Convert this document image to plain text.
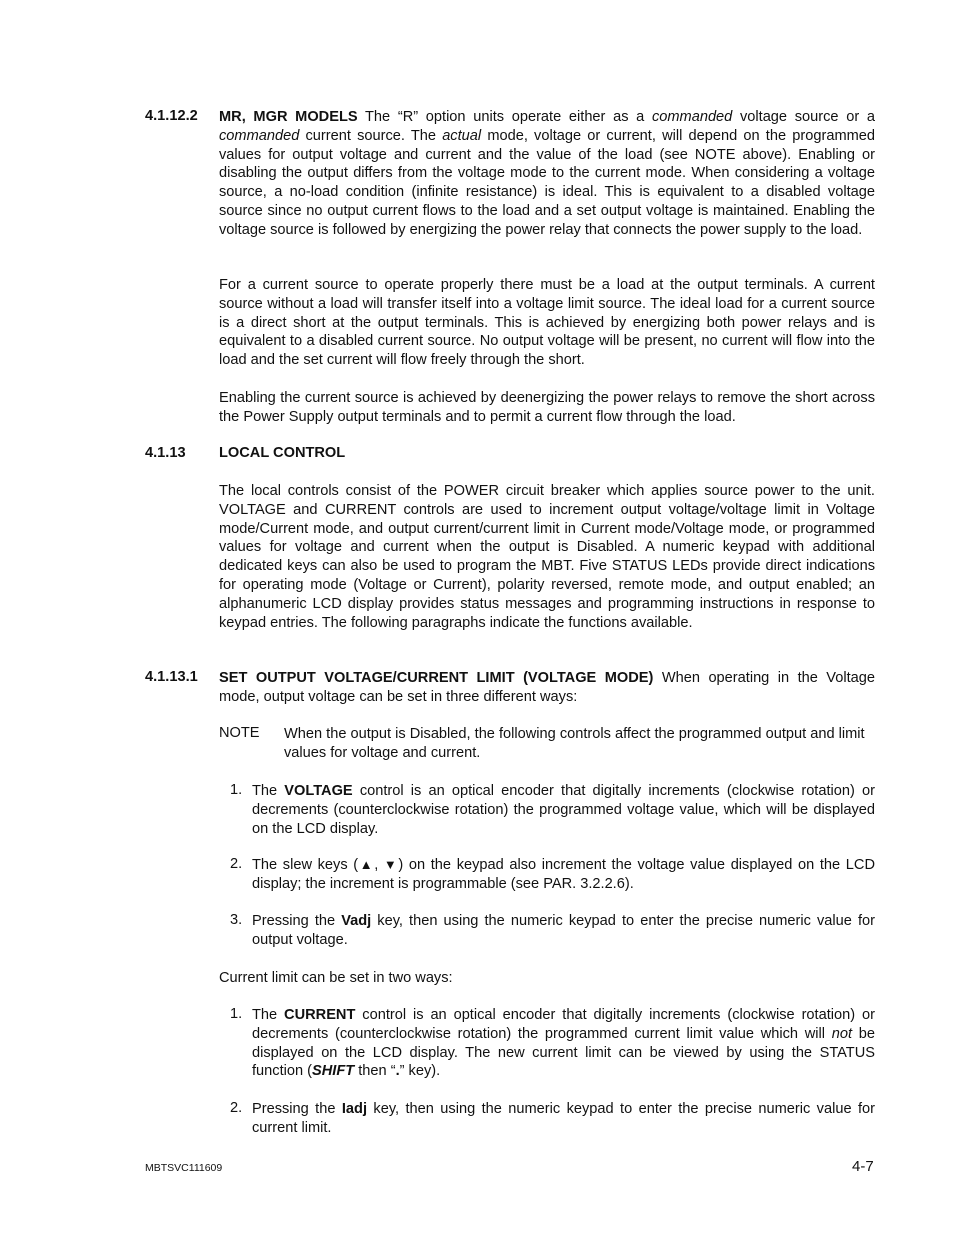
4.1.12.2 MR, MGR MODELS The “R” option units operate either as a commanded voltage source or a commanded current source. The actual mode, voltage or current, will depend on the programmed values for output voltage and current and the value of the load (see NOTE above). Enabling or disabling the output differs from the voltage mode to the current mode. When considering a voltage source, a no-load condition (infinite resistance) is ideal. This is equivalent to a disabled voltage source since no output current flows to the load and a set output voltage is maintained. Enabling the voltage source is followed by energizing the power relay that connects the power supply to the load.
For a current source to operate properly there must be a load at the output terminals. A current source without a load will transfer itself into a voltage limit source. The ideal load for a current source is a direct short at the output terminals. This is achieved by energizing both power relays and is equivalent to a disabled current source. No output voltage will be present, no current will flow into the load and the set current will flow freely through the short.
Enabling the current source is achieved by deenergizing the power relays to remove the short across the Power Supply output terminals and to permit a current flow through the load.
4.1.13 LOCAL CONTROL
The local controls consist of the POWER circuit breaker which applies source power to the unit. VOLTAGE and CURRENT controls are used to increment output voltage/voltage limit in Voltage mode/Current mode, and output current/current limit in Current mode/Voltage mode, or programmed values for voltage and current when the output is Disabled. A numeric keypad with additional dedicated keys can also be used to program the MBT. Five STATUS LEDs provide direct indications for operating mode (Voltage or Current), polarity reversed, remote mode, and output enabled; an alphanumeric LCD display provides status messages and programming instructions in response to keypad entries. The following paragraphs indicate the functions available.
4.1.13.1 SET OUTPUT VOLTAGE/CURRENT LIMIT (VOLTAGE MODE) When operating in the Voltage mode, output voltage can be set in three different ways:
NOTE When the output is Disabled, the following controls affect the programmed output and limit values for voltage and current.
1. The VOLTAGE control is an optical encoder that digitally increments (clockwise rotation) or decrements (counterclockwise rotation) the programmed voltage value, which will be displayed on the LCD display.
2. The slew keys (▲, ▼) on the keypad also increment the voltage value displayed on the LCD display; the increment is programmable (see PAR. 3.2.2.6).
3. Pressing the Vadj key, then using the numeric keypad to enter the precise numeric value for output voltage.
Current limit can be set in two ways:
1. The CURRENT control is an optical encoder that digitally increments (clockwise rotation) or decrements (counterclockwise rotation) the programmed current limit value which will not be displayed on the LCD display. The new current limit can be viewed by using the STATUS function (SHIFT then “.” key).
2. Pressing the Iadj key, then using the numeric keypad to enter the precise numeric value for current limit.
MBTSVC111609	4-7
